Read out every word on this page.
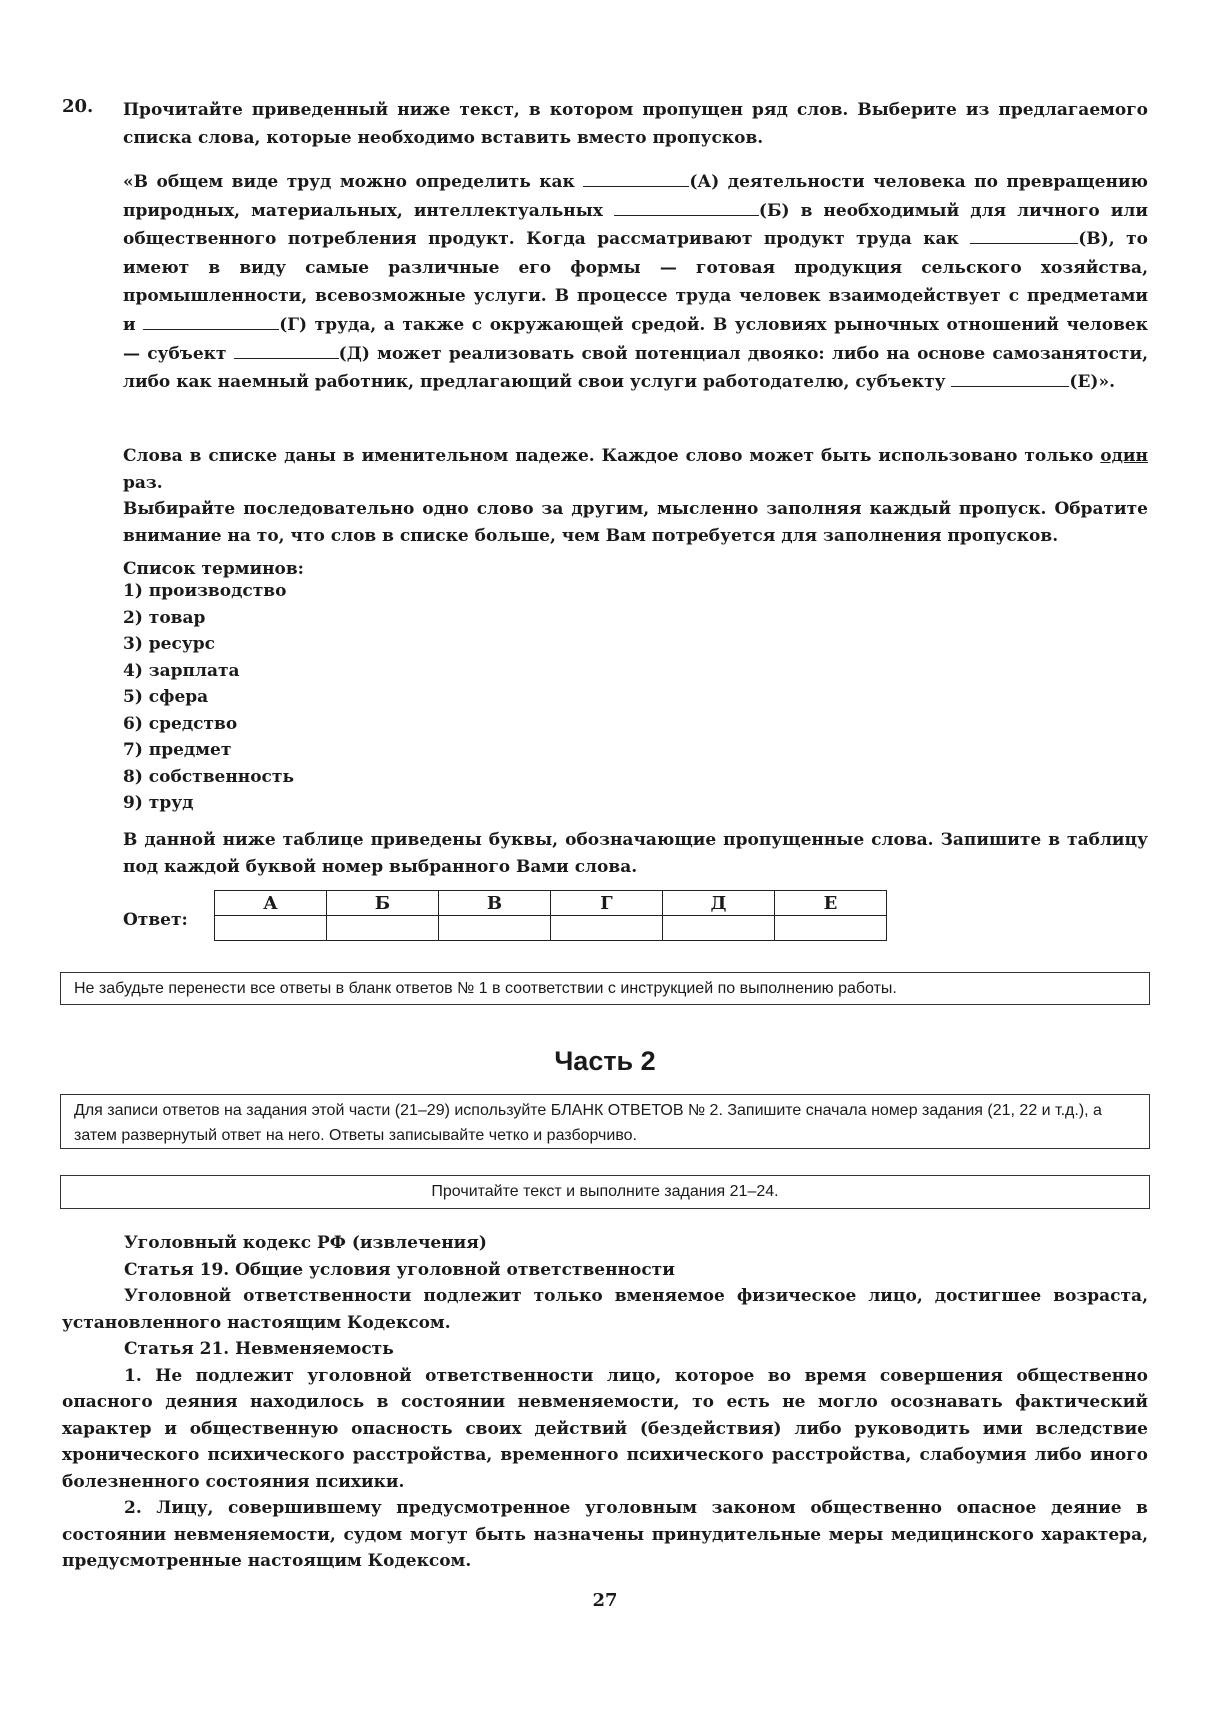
20. Прочитайте приведенный ниже текст, в котором пропущен ряд слов. Выберите из предлагаемого списка слова, которые необходимо вставить вместо пропусков.
«В общем виде труд можно определить как	(А) деятельности человека по превращению природных, материальных, интеллектуальных	(Б) в необходимый для личного или общественного потребления продукт. Когда рассматривают продукт труда как	(В), то имеют в виду самые различные его формы — готовая продукция сельского хозяйства, промышленности, всевозможные услуги. В процессе труда человек взаимодействует с предметами и	(Г) труда, а также с окружающей средой. В условиях рыночных отношений человек — субъект	(Д) может реализовать свой потенциал двояко: либо на основе самозанятости, либо как наемный работник, предлагающий свои услуги работодателю, субъекту	(Е)».
Слова в списке даны в именительном падеже. Каждое слово может быть использовано только один раз.
Выбирайте последовательно одно слово за другим, мысленно заполняя каждый пропуск. Обратите внимание на то, что слов в списке больше, чем Вам потребуется для заполнения пропусков.
Список терминов:
1) производство
2) товар
3) ресурс
4) зарплата
5) сфера
6) средство
7) предмет
8) собственность
9) труд
В данной ниже таблице приведены буквы, обозначающие пропущенные слова. Запишите в таблицу под каждой буквой номер выбранного Вами слова.
Ответ:
А	Б	В	Г	Д	Е

Не забудьте перенести все ответы в бланк ответов № 1 в соответствии с инструкцией по выполнению работы.
Часть 2
Для записи ответов на задания этой части (21–29) используйте БЛАНК ОТВЕТОВ № 2. Запишите сначала номер задания (21, 22 и т.д.), а затем развернутый ответ на него. Ответы записывайте четко и разборчиво.
Прочитайте текст и выполните задания 21–24.

Уголовный кодекс РФ (извлечения)

Статья 19. Общие условия уголовной ответственности

Уголовной ответственности подлежит только вменяемое физическое лицо, достигшее возраста, установленного настоящим Кодексом.

Статья 21. Невменяемость

1. Не подлежит уголовной ответственности лицо, которое во время совершения общественно опасного деяния находилось в состоянии невменяемости, то есть не могло осознавать фактический характер и общественную опасность своих действий (бездействия) либо руководить ими вследствие хронического психического расстройства, временного психического расстройства, слабоумия либо иного болезненного состояния психики.

2. Лицу, совершившему предусмотренное уголовным законом общественно опасное деяние в состоянии невменяемости, судом могут быть назначены принудительные меры медицинского характера, предусмотренные настоящим Кодексом.

27
